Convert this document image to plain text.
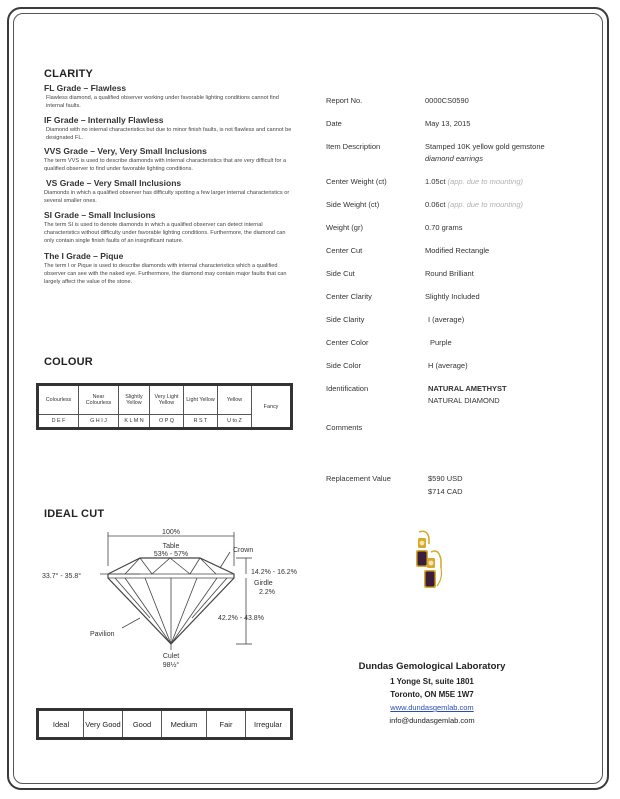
CLARITY
FL Grade – Flawless
Flawless diamond, a qualified observer working under favorable lighting conditions cannot find internal faults.
IF Grade – Internally Flawless
Diamond with no internal characteristics but due to minor finish faults, is not flawless and cannot be designated FL.
VVS Grade – Very, Very Small Inclusions
The term VVS is used to describe diamonds with internal characteristics that are very difficult for a qualified observer to find under favorable lighting conditions.
VS Grade – Very Small Inclusions
Diamonds in which a qualified observer has difficulty spotting a few larger internal characteristics or several smaller ones.
SI Grade – Small Inclusions
The term SI is used to denote diamonds in which a qualified observer can detect internal characteristics without difficulty under favorable lighting conditions. Furthermore, the diamond can only contain single finish faults of an insignificant nature.
The I Grade – Pique
The term I or Pique is used to describe diamonds with internal characteristics which a qualified observer can see with the naked eye. Furthermore, the diamond may contain major faults that can largely affect the value of the stone.
COLOUR
Colourless	Near Colourless	Slightly Yellow	Very Light Yellow	Light Yellow	Yellow	Fancy
D E F	G H I J	K L M N	O P Q	R S T	U to Z	
IDEAL CUT
100%
Table
53% - 57%
Crown
33.7° - 35.8°
14.2% - 16.2%
Girdle
2.2%
42.2% - 43.8%
Pavilion
Culet
98½°
Ideal	Very Good	Good	Medium	Fair	Irregular
Report No.	0000CS0590
Date	May 13, 2015
Item Description	Stamped 10K yellow gold gemstone
diamond earrings
Center Weight (ct)	1.05ct (app. due to mounting)
Side Weight (ct)	0.06ct (app. due to mounting)
Weight (gr)	0.70 grams
Center Cut	Modified Rectangle
Side Cut	Round Brilliant
Center Clarity	Slightly Included
Side Clarity	I (average)
Center Color	Purple
Side Color	H (average)
Identification	NATURAL AMETHYST
NATURAL DIAMOND
Comments
Replacement Value	$590 USD
$714 CAD
Dundas Gemological Laboratory
1 Yonge St, suite 1801
Toronto, ON M5E 1W7
www.dundasgemlab.com
info@dundasgemlab.com
